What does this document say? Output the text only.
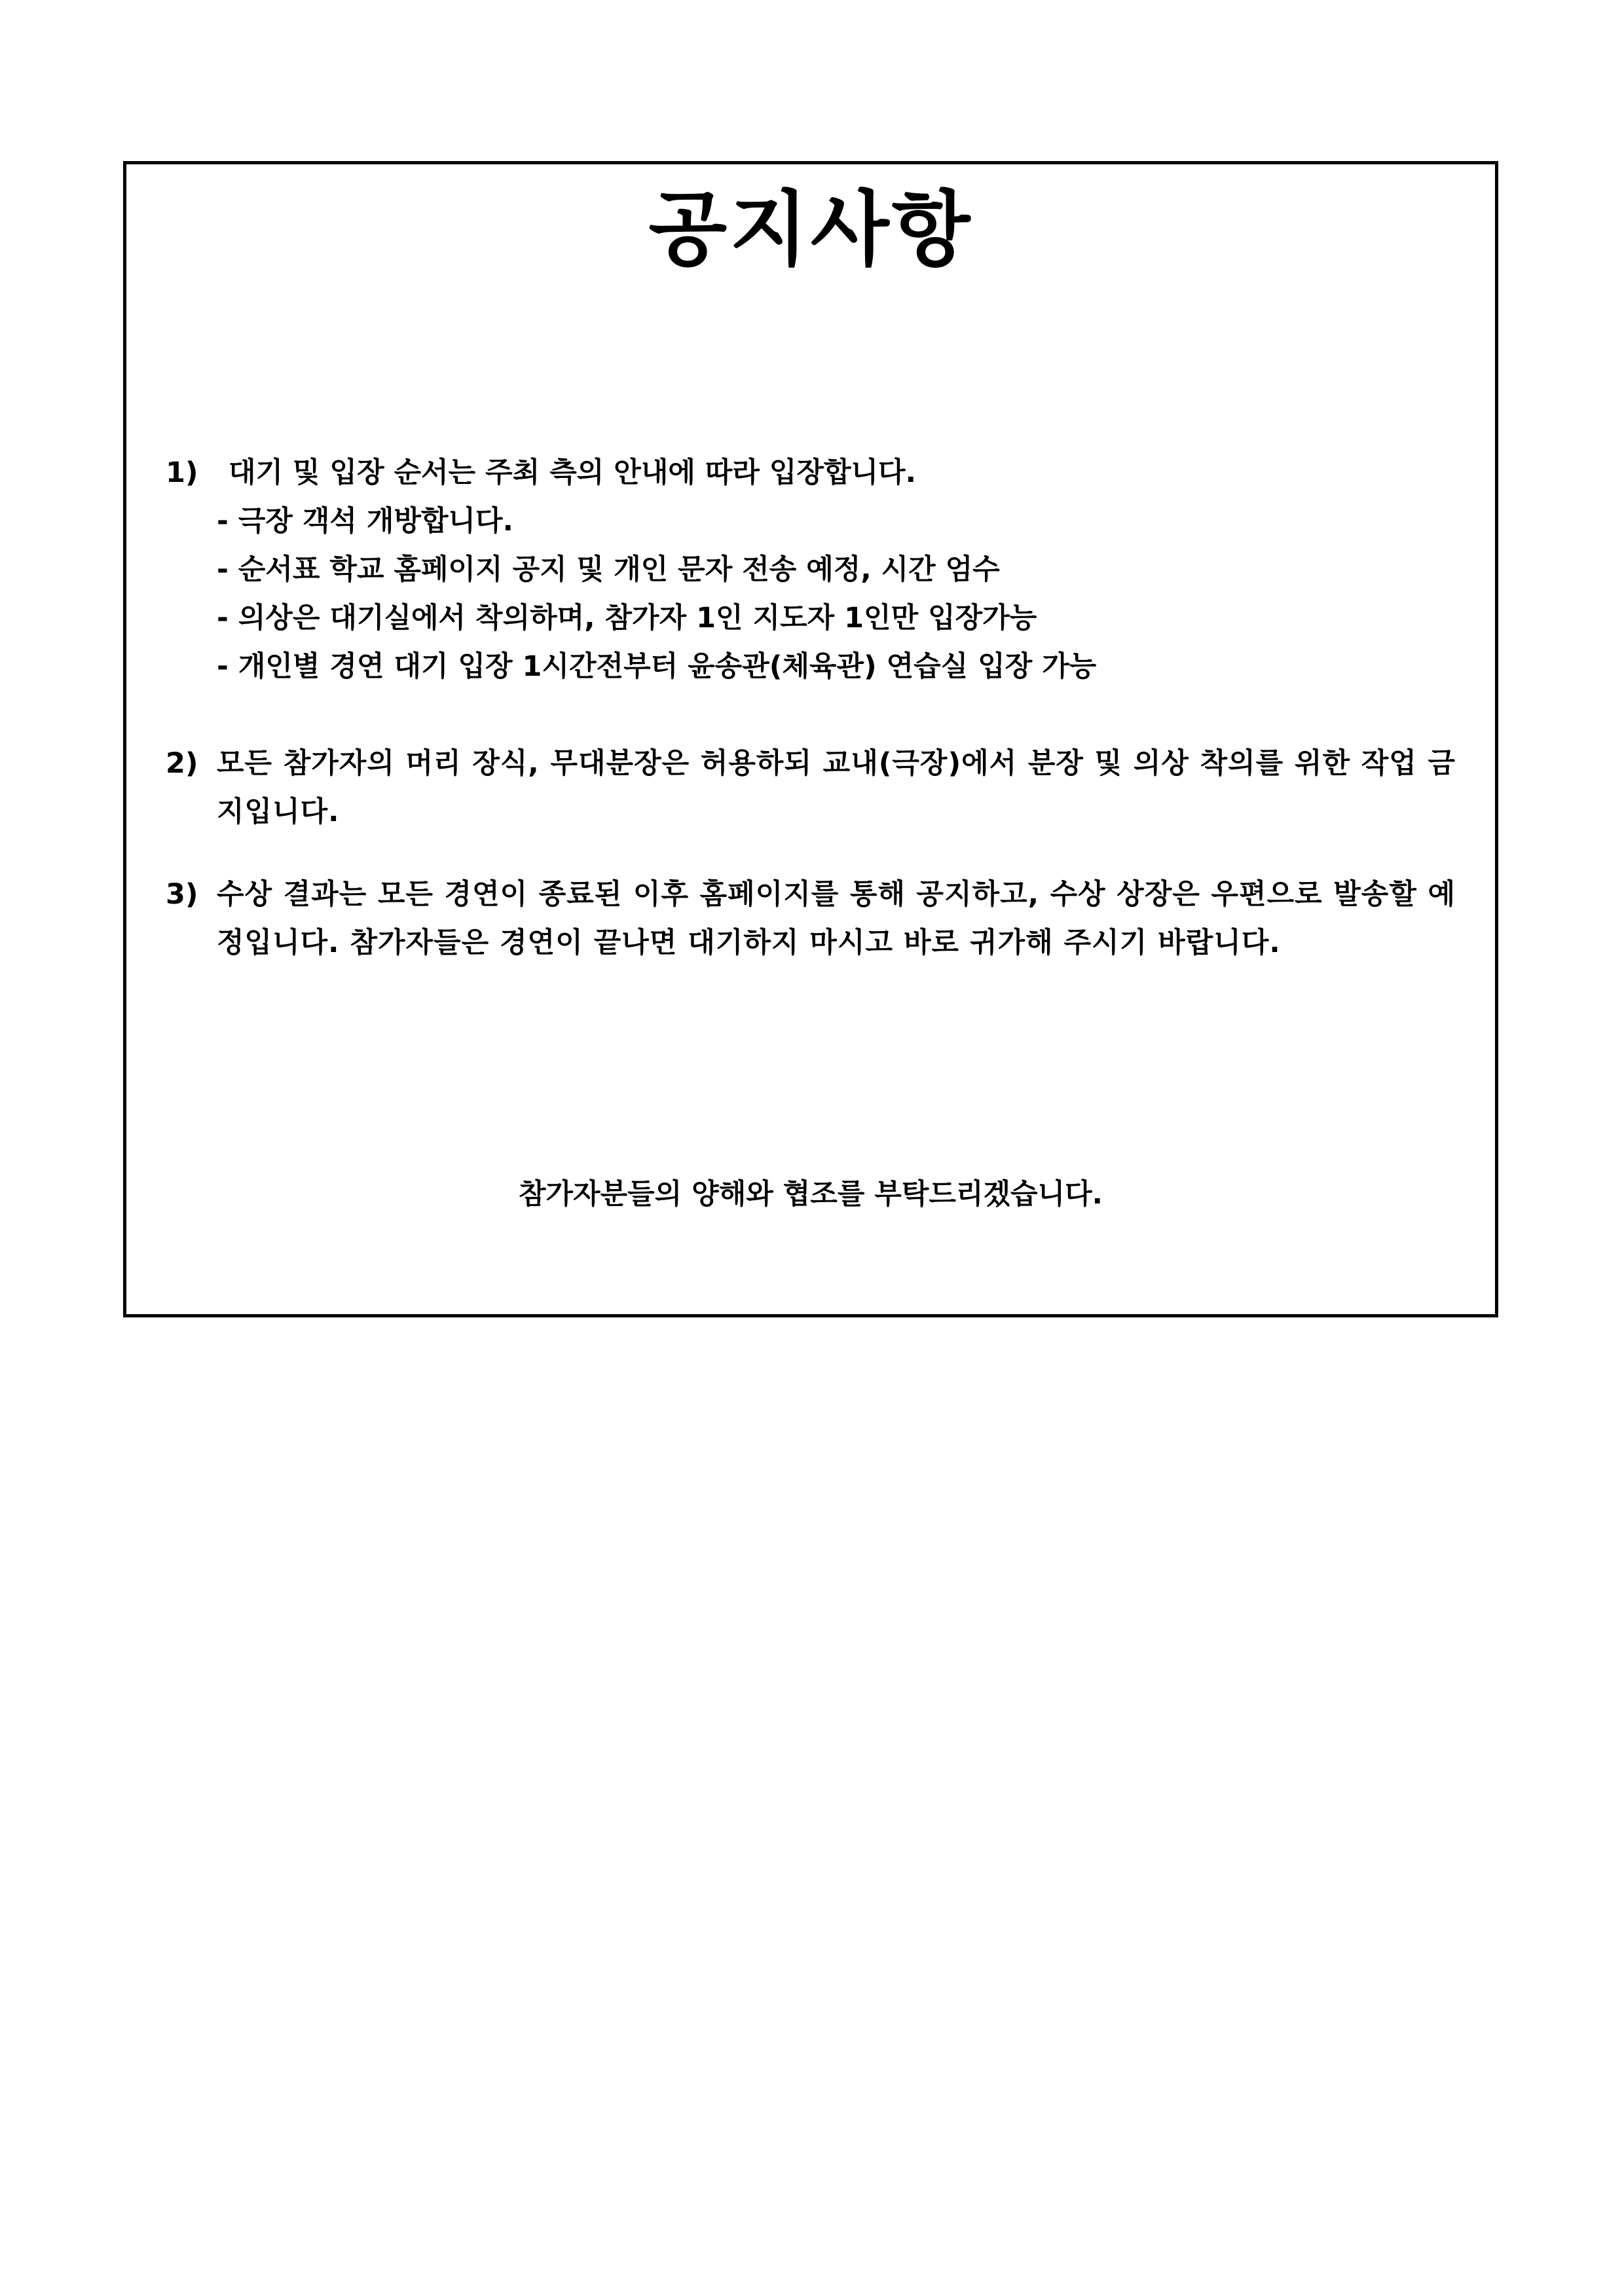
공지사항
1)	대기 및 입장 순서는 주최 측의 안내에 따라 입장합니다.
- 극장 객석 개방합니다.
- 순서표 학교 홈페이지 공지 및 개인 문자 전송 예정, 시간 엄수
- 의상은 대기실에서 착의하며, 참가자 1인 지도자 1인만 입장가능
- 개인별 경연 대기 입장 1시간전부터 윤송관(체육관) 연습실 입장 가능
2) 모든 참가자의 머리 장식, 무대분장은 허용하되 교내(극장)에서 분장 및 의상 착의를 위한 작업 금지입니다.
3) 수상 결과는 모든 경연이 종료된 이후 홈페이지를 통해 공지하고, 수상 상장은 우편으로 발송할 예정입니다. 참가자들은 경연이 끝나면 대기하지 마시고 바로 귀가해 주시기 바랍니다.
참가자분들의 양해와 협조를 부탁드리겠습니다.
